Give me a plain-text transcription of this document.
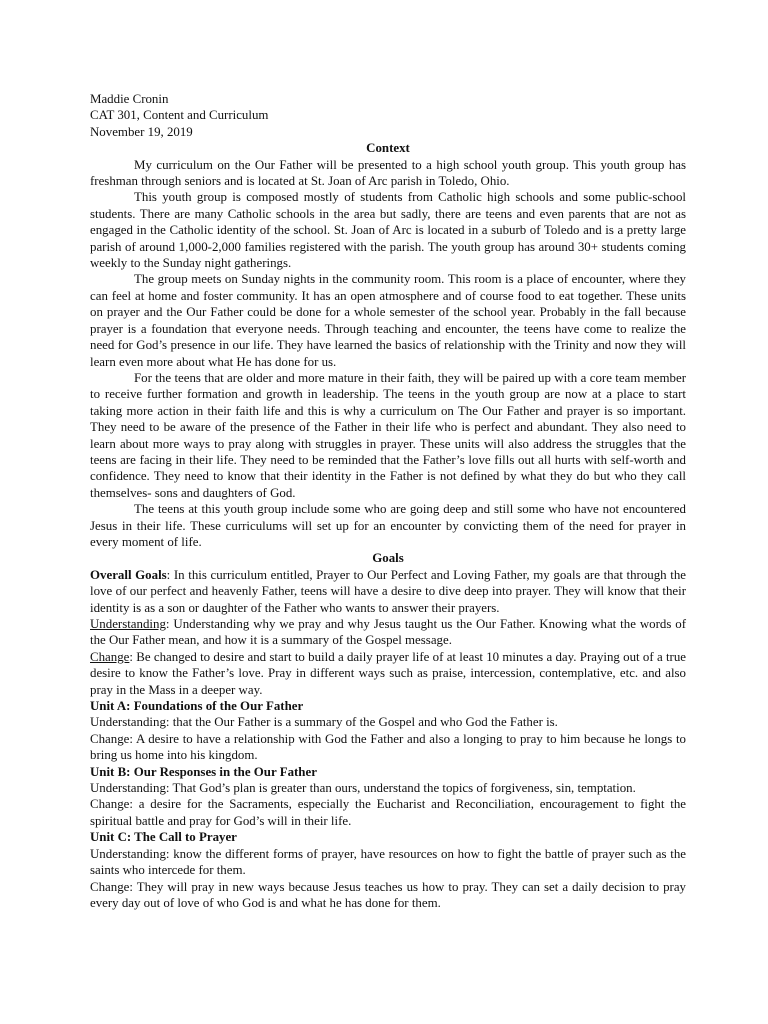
Maddie Cronin
CAT 301, Content and Curriculum
November 19, 2019
Context

My curriculum on the Our Father will be presented to a high school youth group. This youth group has freshman through seniors and is located at St. Joan of Arc parish in Toledo, Ohio.

This youth group is composed mostly of students from Catholic high schools and some public-school students. There are many Catholic schools in the area but sadly, there are teens and even parents that are not as engaged in the Catholic identity of the school. St. Joan of Arc is located in a suburb of Toledo and is a pretty large parish of around 1,000-2,000 families registered with the parish. The youth group has around 30+ students coming weekly to the Sunday night gatherings.

The group meets on Sunday nights in the community room. This room is a place of encounter, where they can feel at home and foster community. It has an open atmosphere and of course food to eat together. These units on prayer and the Our Father could be done for a whole semester of the school year. Probably in the fall because prayer is a foundation that everyone needs. Through teaching and encounter, the teens have come to realize the need for God’s presence in our life. They have learned the basics of relationship with the Trinity and now they will learn even more about what He has done for us.

For the teens that are older and more mature in their faith, they will be paired up with a core team member to receive further formation and growth in leadership. The teens in the youth group are now at a place to start taking more action in their faith life and this is why a curriculum on The Our Father and prayer is so important. They need to be aware of the presence of the Father in their life who is perfect and abundant. They also need to learn about more ways to pray along with struggles in prayer. These units will also address the struggles that the teens are facing in their life. They need to be reminded that the Father’s love fills out all hurts with self-worth and confidence. They need to know that their identity in the Father is not defined by what they do but who they call themselves- sons and daughters of God.

The teens at this youth group include some who are going deep and still some who have not encountered Jesus in their life. These curriculums will set up for an encounter by convicting them of the need for prayer in every moment of life.

Goals

Overall Goals: In this curriculum entitled, Prayer to Our Perfect and Loving Father, my goals are that through the love of our perfect and heavenly Father, teens will have a desire to dive deep into prayer. They will know that their identity is as a son or daughter of the Father who wants to answer their prayers.

Understanding: Understanding why we pray and why Jesus taught us the Our Father. Knowing what the words of the Our Father mean, and how it is a summary of the Gospel message.

Change: Be changed to desire and start to build a daily prayer life of at least 10 minutes a day. Praying out of a true desire to know the Father’s love. Pray in different ways such as praise, intercession, contemplative, etc. and also pray in the Mass in a deeper way.

Unit A: Foundations of the Our Father

Understanding: that the Our Father is a summary of the Gospel and who God the Father is.

Change: A desire to have a relationship with God the Father and also a longing to pray to him because he longs to bring us home into his kingdom.

Unit B: Our Responses in the Our Father

Understanding: That God’s plan is greater than ours, understand the topics of forgiveness, sin, temptation.

Change: a desire for the Sacraments, especially the Eucharist and Reconciliation, encouragement to fight the spiritual battle and pray for God’s will in their life.

Unit C: The Call to Prayer

Understanding: know the different forms of prayer, have resources on how to fight the battle of prayer such as the saints who intercede for them.

Change: They will pray in new ways because Jesus teaches us how to pray. They can set a daily decision to pray every day out of love of who God is and what he has done for them.
